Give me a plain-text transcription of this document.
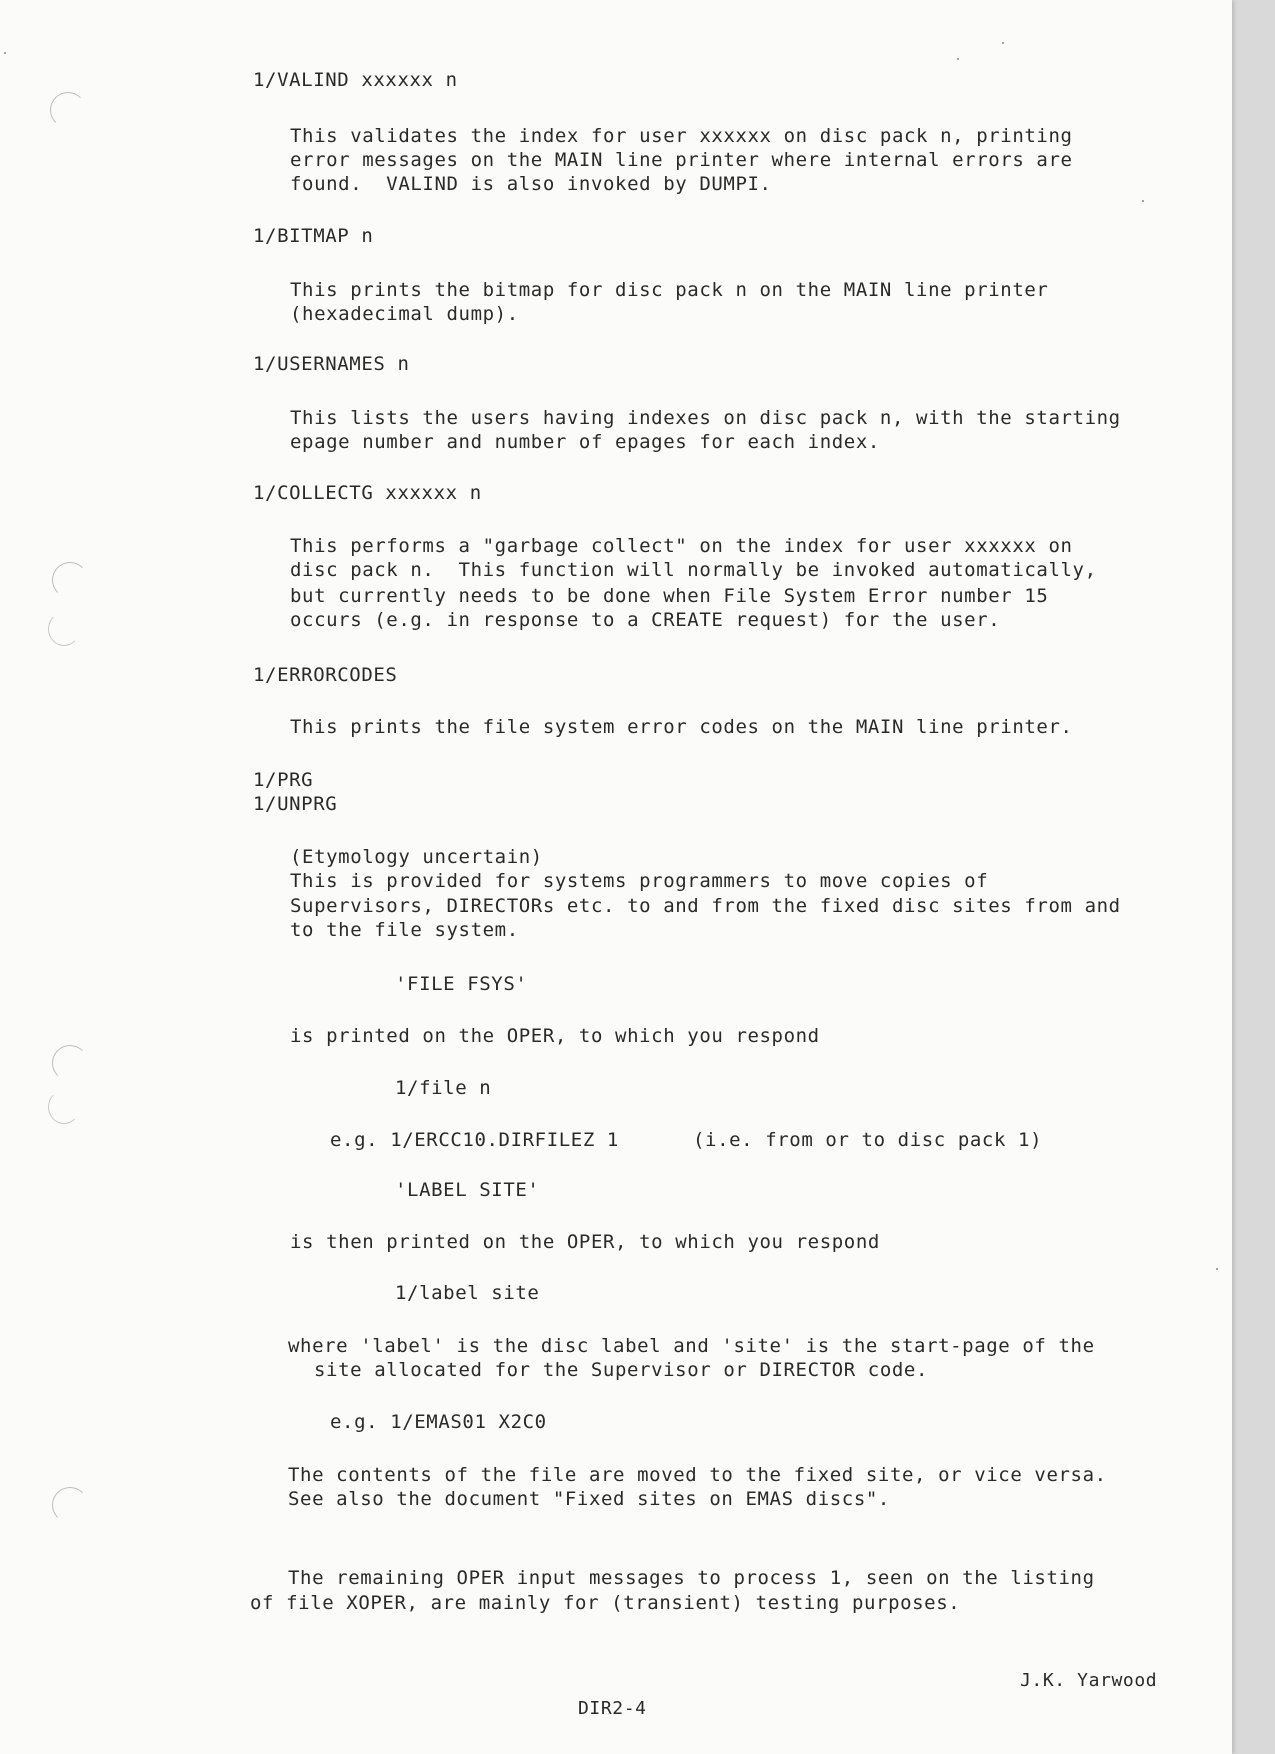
1/VALIND xxxxxx n
This validates the index for user xxxxxx on disc pack n, printing
error messages on the MAIN line printer where internal errors are
found.  VALIND is also invoked by DUMPI.
1/BITMAP n
This prints the bitmap for disc pack n on the MAIN line printer
(hexadecimal dump).
1/USERNAMES n
This lists the users having indexes on disc pack n, with the starting
epage number and number of epages for each index.
1/COLLECTG xxxxxx n
This performs a "garbage collect" on the index for user xxxxxx on
disc pack n.  This function will normally be invoked automatically,
but currently needs to be done when File System Error number 15
occurs (e.g. in response to a CREATE request) for the user.
1/ERRORCODES
This prints the file system error codes on the MAIN line printer.
1/PRG
1/UNPRG
(Etymology uncertain)
This is provided for systems programmers to move copies of
Supervisors, DIRECTORs etc. to and from the fixed disc sites from and
to the file system.
'FILE FSYS'
is printed on the OPER, to which you respond
1/file n
e.g. 1/ERCC10.DIRFILEZ 1	(i.e. from or to disc pack 1)
'LABEL SITE'
is then printed on the OPER, to which you respond
1/label site
where 'label' is the disc label and 'site' is the start-page of the
site allocated for the Supervisor or DIRECTOR code.
e.g. 1/EMAS01 X2C0
The contents of the file are moved to the fixed site, or vice versa.
See also the document "Fixed sites on EMAS discs".
The remaining OPER input messages to process 1, seen on the listing
of file XOPER, are mainly for (transient) testing purposes.
J.K. Yarwood
DIR2-4
